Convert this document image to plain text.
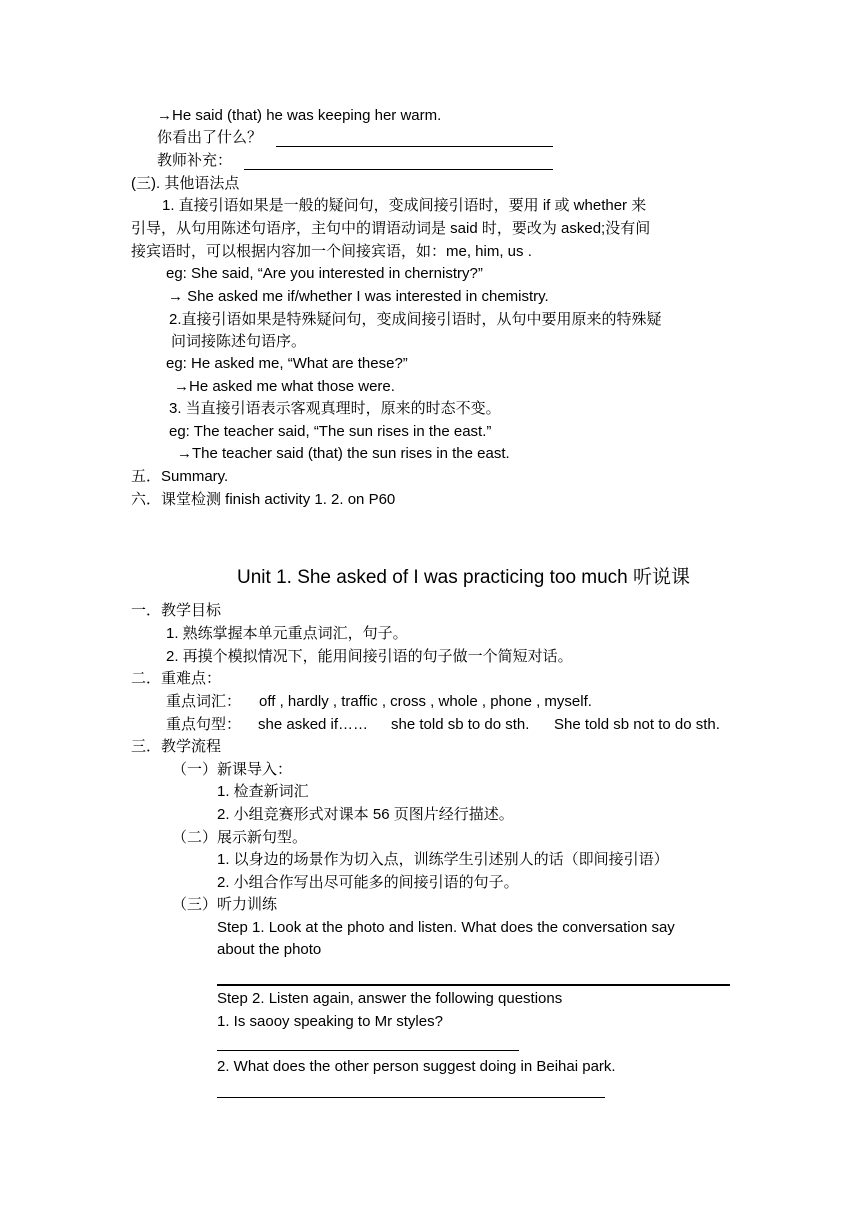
→He said (that) he was keeping her warm.
你看出了什么？
教师补充：
(三). 其他语法点
1. 直接引语如果是一般的疑问句，变成间接引语时，要用 if 或 whether 来
引导，从句用陈述句语序，主句中的谓语动词是 said 时，要改为 asked;没有间
接宾语时，可以根据内容加一个间接宾语，如：me, him, us .
eg: She said, “Are you interested in chernistry?”
→ She asked me if/whether I was interested in chemistry.
2.直接引语如果是特殊疑问句，变成间接引语时，从句中要用原来的特殊疑
问词接陈述句语序。
eg: He asked me, “What are these?”
→He asked me what those were.
3. 当直接引语表示客观真理时，原来的时态不变。
eg: The teacher said, “The sun rises in the east.”
→The teacher said (that) the sun rises in the east.
五．Summary.
六．课堂检测 finish activity 1. 2. on P60
Unit 1. She asked of I was practicing too much 听说课
一．教学目标
1. 熟练掌握本单元重点词汇，句子。
2. 再摸个模拟情况下，能用间接引语的句子做一个简短对话。
二．重难点：
重点词汇： off , hardly , traffic , cross , whole , phone , myself.
重点句型： she asked if…… she told sb to do sth. She told sb not to do sth.
三．教学流程
（一）新课导入：
1. 检查新词汇
2. 小组竞赛形式对课本 56 页图片经行描述。
（二）展示新句型。
1. 以身边的场景作为切入点，训练学生引述别人的话（即间接引语）
2. 小组合作写出尽可能多的间接引语的句子。
（三）听力训练
Step 1. Look at the photo and listen. What does the conversation say
about the photo
Step 2. Listen again, answer the following questions
1. Is saooy speaking to Mr styles?
2. What does the other person suggest doing in Beihai park.
